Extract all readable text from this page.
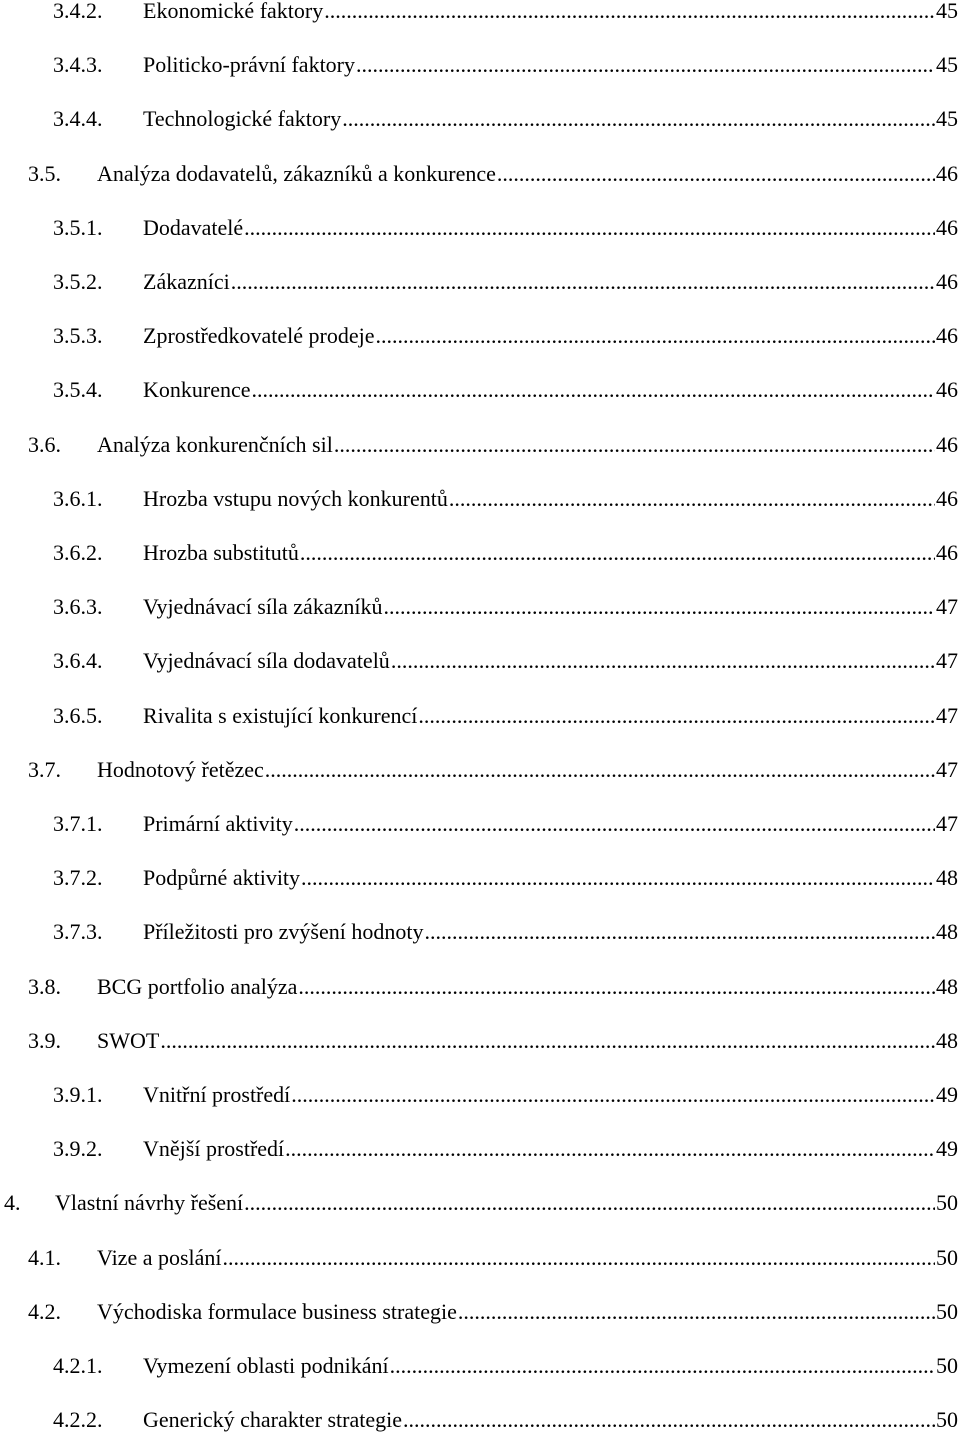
3.4.2.	Ekonomické faktory .....	45
3.4.3.	Politicko-právní faktory .....	45
3.4.4.	Technologické faktory .....	45
3.5.	Analýza dodavatelů, zákazníků a konkurence .....	46
3.5.1.	Dodavatelé .....	46
3.5.2.	Zákazníci .....	46
3.5.3.	Zprostředkovatelé prodeje .....	46
3.5.4.	Konkurence .....	46
3.6.	Analýza konkurenčních sil .....	46
3.6.1.	Hrozba vstupu nových konkurentů .....	46
3.6.2.	Hrozba substitutů .....	46
3.6.3.	Vyjednávací síla zákazníků .....	47
3.6.4.	Vyjednávací síla dodavatelů .....	47
3.6.5.	Rivalita s existující konkurencí .....	47
3.7.	Hodnotový řetězec .....	47
3.7.1.	Primární aktivity .....	47
3.7.2.	Podpůrné aktivity .....	48
3.7.3.	Příležitosti pro zvýšení hodnoty .....	48
3.8.	BCG portfolio analýza .....	48
3.9.	SWOT .....	48
3.9.1.	Vnitřní prostředí .....	49
3.9.2.	Vnější prostředí .....	49
4.	Vlastní návrhy řešení .....	50
4.1.	Vize a poslání .....	50
4.2.	Východiska formulace business strategie .....	50
4.2.1.	Vymezení oblasti podnikání .....	50
4.2.2.	Generický charakter strategie .....	50
